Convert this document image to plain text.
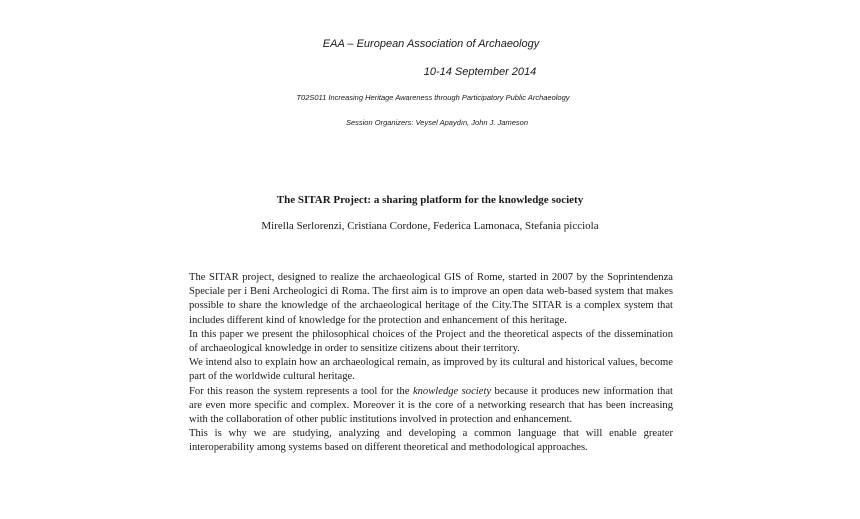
EAA – European Association of Archaeology
10-14 September 2014
T02S011 Increasing Heritage Awareness through Participatory Public Archaeology
Session Organizers: Veysel Apaydın, John J. Jameson
The SITAR Project: a sharing platform for the knowledge society
Mirella Serlorenzi, Cristiana Cordone, Federica Lamonaca, Stefania picciola

The SITAR project, designed to realize the archaeological GIS of Rome, started in 2007 by the Soprintendenza Speciale per i Beni Archeologici di Roma. The first aim is to improve an open data web-based system that makes possible to share the knowledge of the archaeological heritage of the City.The SITAR is a complex system that includes different kind of knowledge for the protection and enhancement of this heritage.

In this paper we present the philosophical choices of the Project and the theoretical aspects of the dissemination of archaeological knowledge in order to sensitize citizens about their territory.

We intend also to explain how an archaeological remain, as improved by its cultural and historical values, become part of the worldwide cultural heritage.

For this reason the system represents a tool for the knowledge society because it produces new information that are even more specific and complex. Moreover it is the core of a networking research that has been increasing with the collaboration of other public institutions involved in protection and enhancement.

This is why we are studying, analyzing and developing a common language that will enable greater interoperability among systems based on different theoretical and methodological approaches.
